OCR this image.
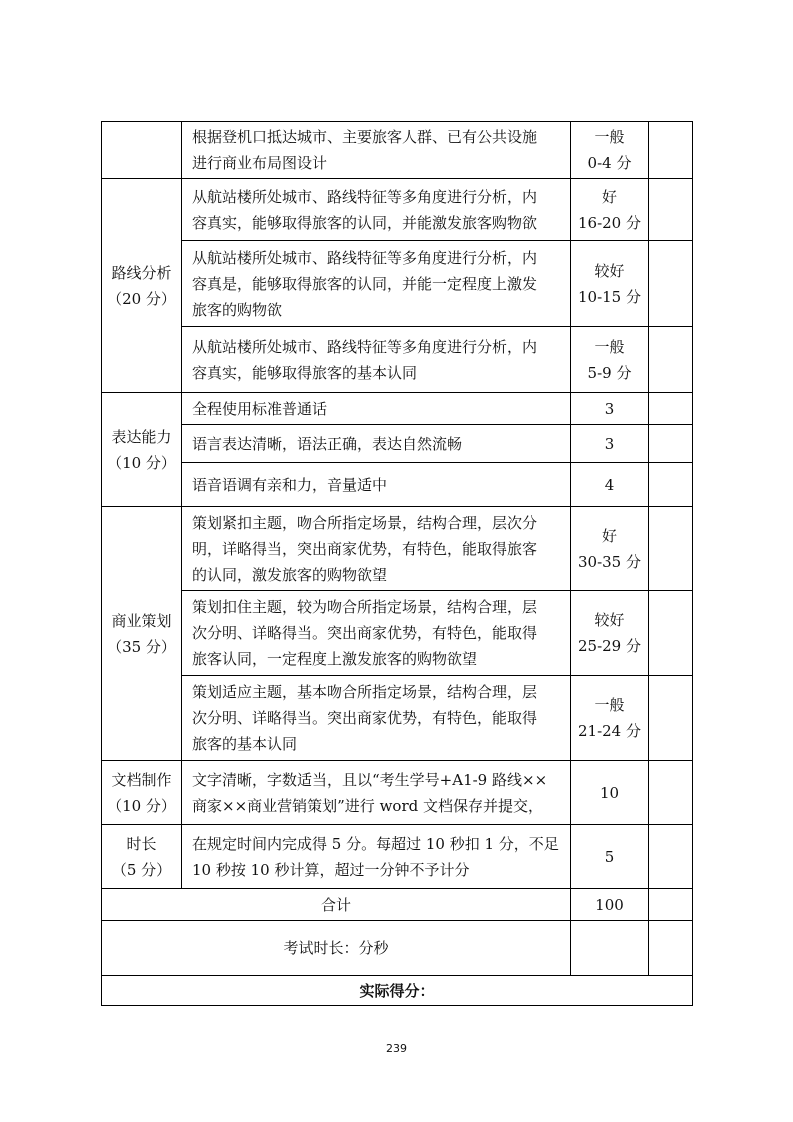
	根据登机口抵达城市、主要旅客人群、已有公共设施
进行商业布局图设计	一般
0-4 分	

路线分析
（20 分）	从航站楼所处城市、路线特征等多角度进行分析，内
容真实，能够取得旅客的认同，并能激发旅客购物欲	好
16-20 分	

	从航站楼所处城市、路线特征等多角度进行分析，内
容真是，能够取得旅客的认同，并能一定程度上激发
旅客的购物欲	较好
10-15 分	

	从航站楼所处城市、路线特征等多角度进行分析，内
容真实，能够取得旅客的基本认同	一般
5-9 分	

表达能力
（10 分）	全程使用标准普通话	3	
	语言表达清晰，语法正确，表达自然流畅	3	
	语音语调有亲和力，音量适中	4	

商业策划
（35 分）	策划紧扣主题，吻合所指定场景，结构合理，层次分
明，详略得当，突出商家优势，有特色，能取得旅客
的认同，激发旅客的购物欲望	好
30-35 分	

	策划扣住主题，较为吻合所指定场景，结构合理，层
次分明、详略得当。突出商家优势，有特色，能取得
旅客认同，一定程度上激发旅客的购物欲望	较好
25-29 分	

	策划适应主题，基本吻合所指定场景，结构合理，层
次分明、详略得当。突出商家优势，有特色，能取得
旅客的基本认同	一般
21-24 分	

文档制作
（10 分）	文字清晰，字数适当，且以“考生学号+A1-9 路线××
商家××商业营销策划”进行 word 文档保存并提交，	10	

时长
（5 分）	在规定时间内完成得 5 分。每超过 10 秒扣 1 分，不足
10 秒按 10 秒计算，超过一分钟不予计分	5	
合计		100	
考试时长：分秒			
实际得分：			
239
